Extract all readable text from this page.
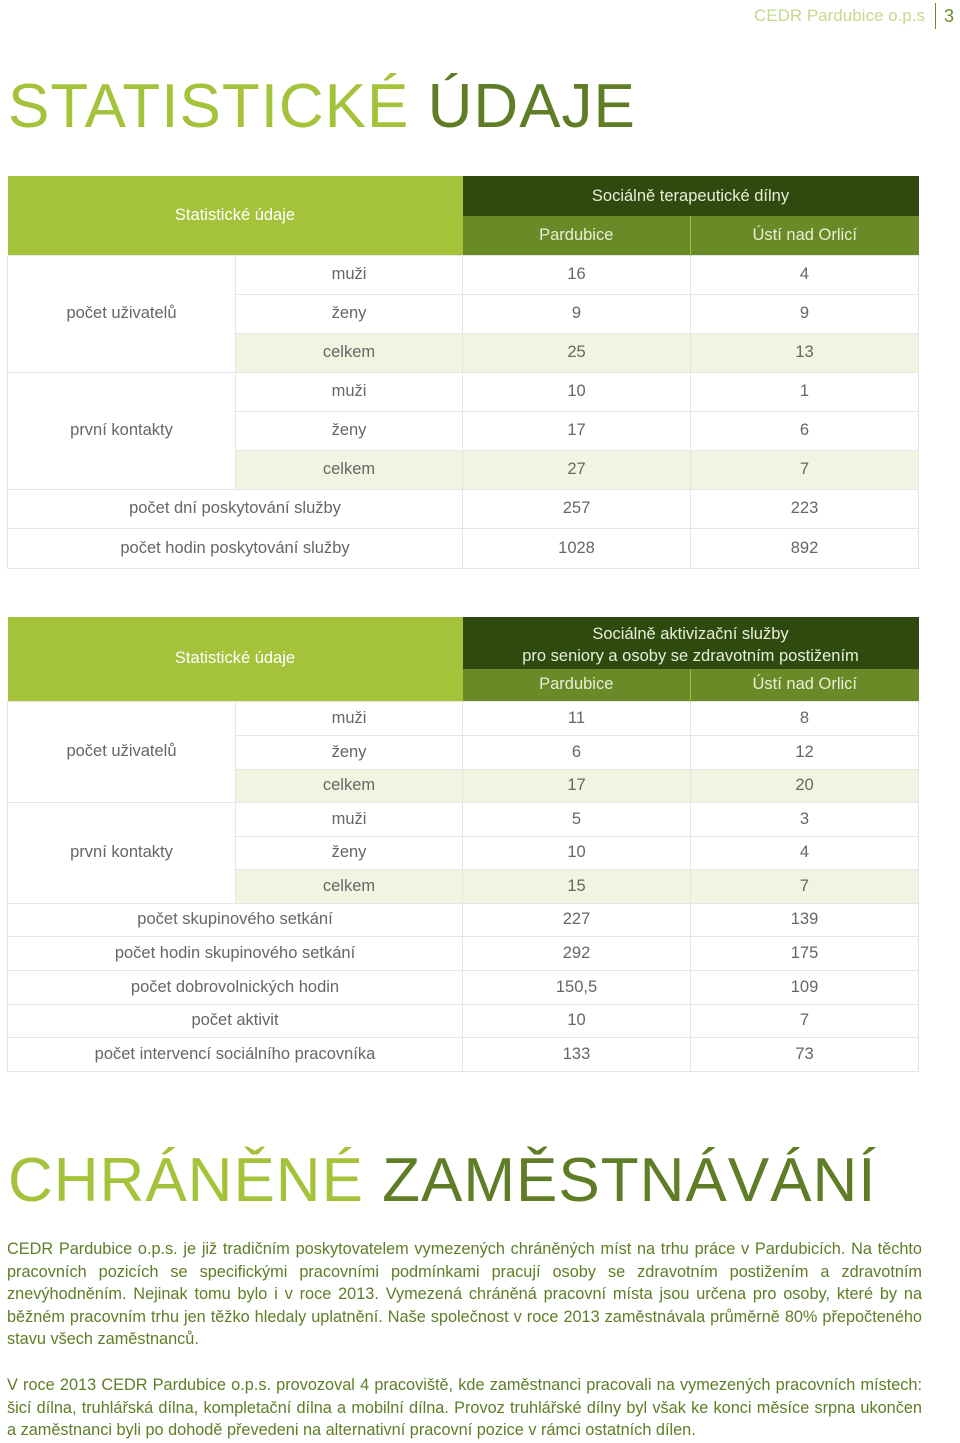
CEDR Pardubice o.p.s	3
STATISTICKÉ ÚDAJE
Statistické údaje		Sociálně terapeutické dílny	
		Pardubice	Ústí nad Orlicí
počet uživatelů	muži	16	4
	ženy	9	9
	celkem	25	13
první kontakty	muži	10	1
	ženy	17	6
	celkem	27	7
počet dní poskytování služby		257	223
počet hodin poskytování služby		1028	892
Statistické údaje		Sociálně aktivizační služby
pro seniory a osoby se zdravotním postižením	

		Pardubice	Ústí nad Orlicí
počet uživatelů	muži	11	8
	ženy	6	12
	celkem	17	20
první kontakty	muži	5	3
	ženy	10	4
	celkem	15	7
počet skupinového setkání		227	139
počet hodin skupinového setkání		292	175
počet dobrovolnických hodin		150,5	109
počet aktivit		10	7
počet intervencí sociálního pracovníka		133	73
CHRÁNĚNÉ ZAMĚSTNÁVÁNÍ

CEDR Pardubice o.p.s. je již tradičním poskytovatelem vymezených chráněných míst na trhu práce v Pardubicích. Na těchto pracovních pozicích se specifickými pracovními podmínkami pracují osoby se zdravotním postižením a zdravotním znevýhodněním. Nejinak tomu bylo i v roce 2013. Vymezená chráněná pracovní místa jsou určena pro osoby, které by na běžném pracovním trhu jen těžko hledaly uplatnění. Naše společnost v roce 2013 zaměstnávala průměrně 80% přepočteného stavu všech zaměstnanců.

V roce 2013 CEDR Pardubice o.p.s. provozoval 4 pracoviště, kde zaměstnanci pracovali na vymezených pracovních místech: šicí dílna, truhlářská dílna, kompletační dílna a mobilní dílna. Provoz truhlářské dílny byl však ke konci měsíce srpna ukončen a zaměstnanci byli po dohodě převedeni na alternativní pracovní pozice v rámci ostatních dílen.
